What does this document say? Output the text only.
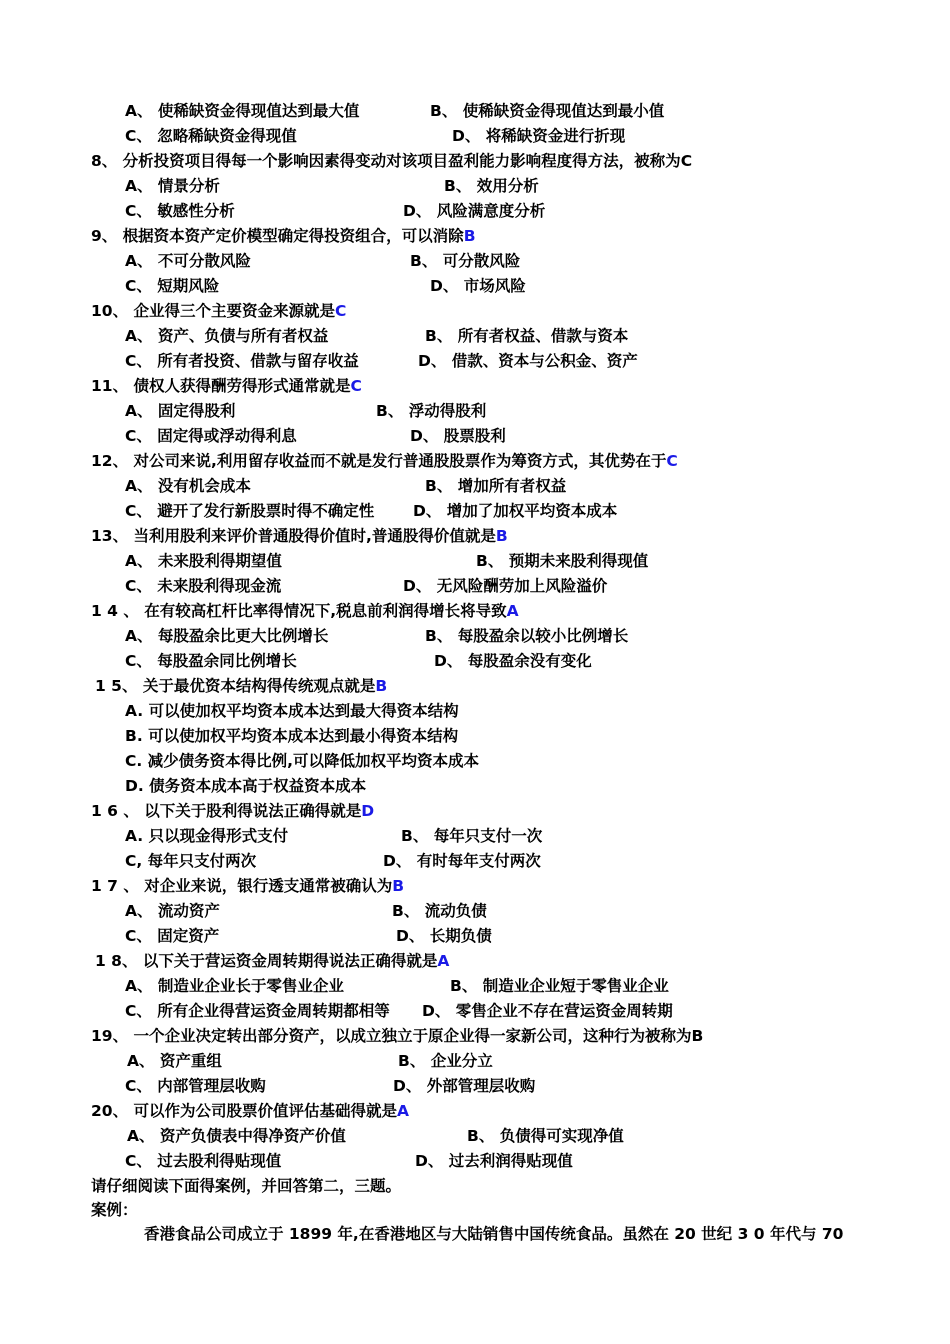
A、 使稀缺资金得现值达到最大值	B、 使稀缺资金得现值达到最小值
C、 忽略稀缺资金得现值	D、 将稀缺资金进行折现
8、 分析投资项目得每一个影响因素得变动对该项目盈利能力影响程度得方法，被称为C
A、 情景分析	B、 效用分析
C、 敏感性分析	D、 风险满意度分析
9、 根据资本资产定价模型确定得投资组合，可以消除B
A、 不可分散风险	B、 可分散风险
C、 短期风险	D、 市场风险
10、 企业得三个主要资金来源就是C
A、 资产、负债与所有者权益	B、 所有者权益、借款与资本
C、 所有者投资、借款与留存收益	D、 借款、资本与公积金、资产
11、 债权人获得酬劳得形式通常就是C
A、 固定得股利	B、 浮动得股利
C、 固定得或浮动得利息	D、 股票股利
12、 对公司来说,利用留存收益而不就是发行普通股股票作为筹资方式，其优势在于C
A、 没有机会成本	B、 增加所有者权益
C、 避开了发行新股票时得不确定性 D、 增加了加权平均资本成本
13、 当利用股利来评价普通股得价值时,普通股得价值就是B
A、 未来股利得期望值	B、 预期未来股利得现值
C、 未来股利得现金流	D、 无风险酬劳加上风险溢价
1 4 、 在有较高杠杆比率得情况下,税息前利润得增长将导致A
A、 每股盈余比更大比例增长	B、 每股盈余以较小比例增长
C、 每股盈余同比例增长	D、 每股盈余没有变化
1 5、 关于最优资本结构得传统观点就是B
A. 可以使加权平均资本成本达到最大得资本结构
B. 可以使加权平均资本成本达到最小得资本结构
C. 减少债务资本得比例,可以降低加权平均资本成本
D. 债务资本成本高于权益资本成本
1 6 、 以下关于股利得说法正确得就是D
A. 只以现金得形式支付	B、 每年只支付一次
C, 每年只支付两次	D、 有时每年支付两次
1 7 、 对企业来说，银行透支通常被确认为B
A、 流动资产	B、 流动负债
C、 固定资产	D、 长期负债
1 8、 以下关于营运资金周转期得说法正确得就是A
A、 制造业企业长于零售业企业	B、 制造业企业短于零售业企业
C、 所有企业得营运资金周转期都相等 D、 零售企业不存在营运资金周转期
19、 一个企业决定转出部分资产，以成立独立于原企业得一家新公司，这种行为被称为B
A、 资产重组	B、 企业分立
C、 内部管理层收购	D、 外部管理层收购
20、 可以作为公司股票价值评估基础得就是A
A、 资产负债表中得净资产价值	B、 负债得可实现净值
C、 过去股利得贴现值	D、 过去利润得贴现值
请仔细阅读下面得案例，并回答第二，三题。
案例：
香港食品公司成立于 1899 年,在香港地区与大陆销售中国传统食品。虽然在 20 世纪 3 0 年代与 70
